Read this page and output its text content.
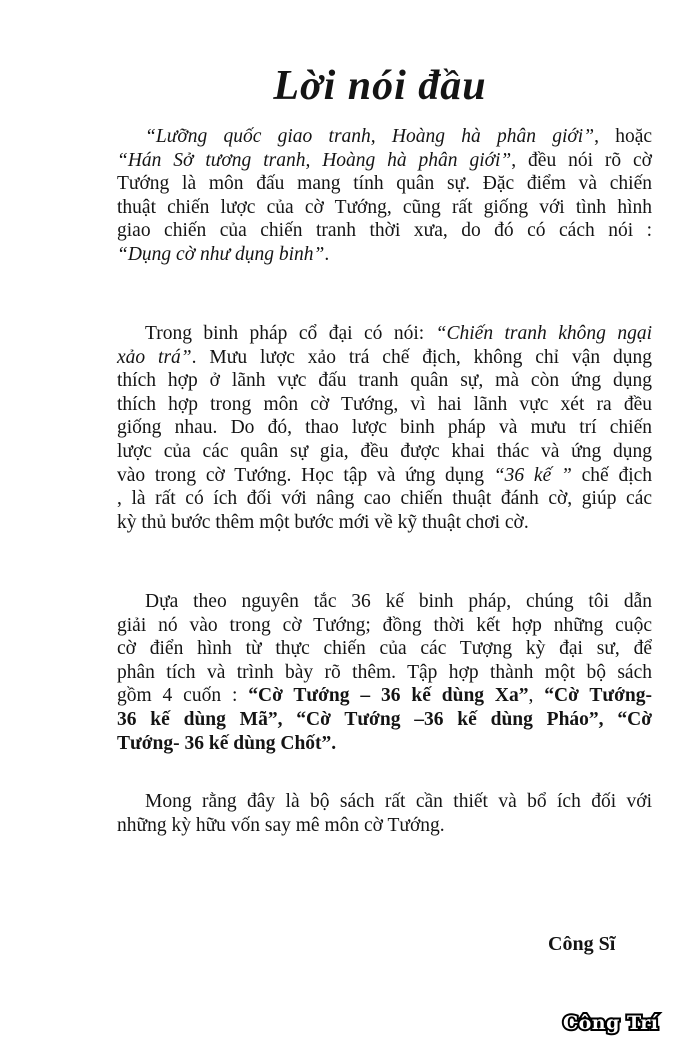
Lời nói đầu
“Lưỡng quốc giao tranh, Hoàng hà phân giới”, hoặc
“Hán Sở tương tranh, Hoàng hà phân giới”, đều nói rõ cờ
Tướng là môn đấu mang tính quân sự. Đặc điểm và chiến
thuật chiến lược của cờ Tướng, cũng rất giống với tình hình
giao chiến của chiến tranh thời xưa, do đó có cách nói :
“Dụng cờ như dụng binh”.
Trong binh pháp cổ đại có nói: “Chiến tranh không ngại
xảo trá”. Mưu lược xảo trá chế địch, không chỉ vận dụng
thích hợp ở lãnh vực đấu tranh quân sự, mà còn ứng dụng
thích hợp trong môn cờ Tướng, vì hai lãnh vực xét ra đều
giống nhau. Do đó, thao lược binh pháp và mưu trí chiến
lược của các quân sự gia, đều được khai thác và ứng dụng
vào trong cờ Tướng. Học tập và ứng dụng “36 kế ” chế địch
, là rất có ích đối với nâng cao chiến thuật đánh cờ, giúp các
kỳ thủ bước thêm một bước mới về kỹ thuật chơi cờ.
Dựa theo nguyên tắc 36 kế binh pháp, chúng tôi dẫn
giải nó vào trong cờ Tướng; đồng thời kết hợp những cuộc
cờ điển hình từ thực chiến của các Tượng kỳ đại sư, để
phân tích và trình bày rõ thêm. Tập hợp thành một bộ sách
gồm 4 cuốn : “Cờ Tướng – 36 kế dùng Xa”, “Cờ Tướng-
36 kế dùng Mã”, “Cờ Tướng –36 kế dùng Pháo”, “Cờ
Tướng- 36 kế dùng Chốt”.
Mong rằng đây là bộ sách rất cần thiết và bổ ích đối với
những kỳ hữu vốn say mê môn cờ Tướng.
Công Sĩ
Công Trí
